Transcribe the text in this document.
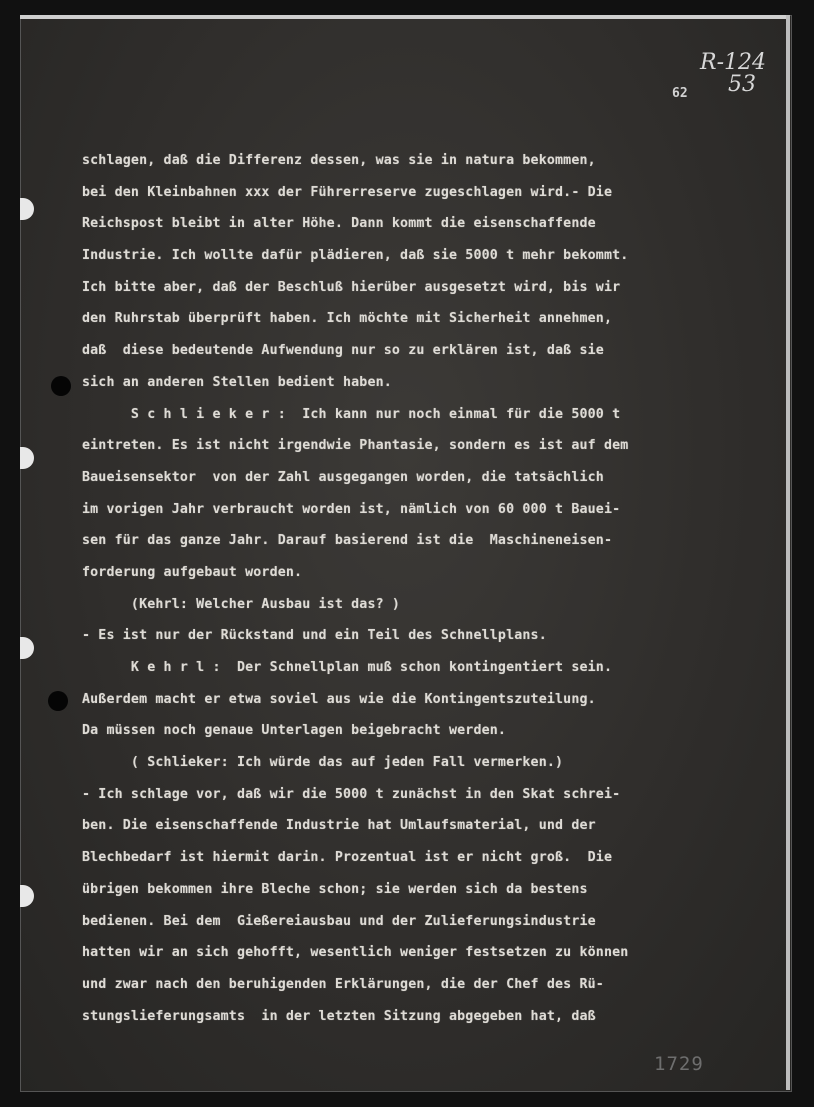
R-124
53
62
schlagen, daß die Differenz dessen, was sie in natura bekommen,
bei den Kleinbahnen xxx der Führerreserve zugeschlagen wird.- Die
Reichspost bleibt in alter Höhe. Dann kommt die eisenschaffende
Industrie. Ich wollte dafür plädieren, daß sie 5000 t mehr bekommt.
Ich bitte aber, daß der Beschluß hierüber ausgesetzt wird, bis wir
den Ruhrstab überprüft haben. Ich möchte mit Sicherheit annehmen,
daß  diese bedeutende Aufwendung nur so zu erklären ist, daß sie
sich an anderen Stellen bedient haben.
S c h l i e k e r :  Ich kann nur noch einmal für die 5000 t
eintreten. Es ist nicht irgendwie Phantasie, sondern es ist auf dem
Baueisensektor  von der Zahl ausgegangen worden, die tatsächlich
im vorigen Jahr verbraucht worden ist, nämlich von 60 000 t Bauei-
sen für das ganze Jahr. Darauf basierend ist die  Maschineneisen-
forderung aufgebaut worden.
(Kehrl: Welcher Ausbau ist das? )
- Es ist nur der Rückstand und ein Teil des Schnellplans.
K e h r l :  Der Schnellplan muß schon kontingentiert sein.
Außerdem macht er etwa soviel aus wie die Kontingentszuteilung.
Da müssen noch genaue Unterlagen beigebracht werden.
( Schlieker: Ich würde das auf jeden Fall vermerken.)
- Ich schlage vor, daß wir die 5000 t zunächst in den Skat schrei-
ben. Die eisenschaffende Industrie hat Umlaufsmaterial, und der
Blechbedarf ist hiermit darin. Prozentual ist er nicht groß.  Die
übrigen bekommen ihre Bleche schon; sie werden sich da bestens
bedienen. Bei dem  Gießereiausbau und der Zulieferungsindustrie
hatten wir an sich gehofft, wesentlich weniger festsetzen zu können
und zwar nach den beruhigenden Erklärungen, die der Chef des Rü-
stungslieferungsamts  in der letzten Sitzung abgegeben hat, daß
1729
